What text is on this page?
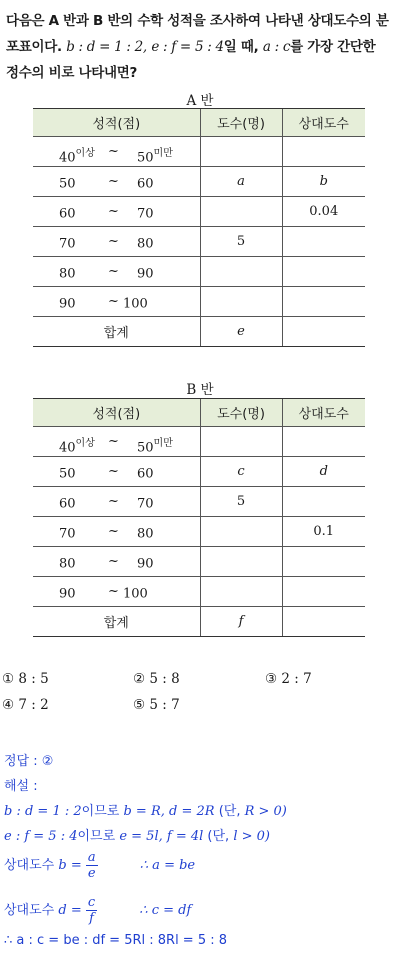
다음은 A 반과 B 반의 수학 성적을 조사하여 나타낸 상대도수의 분
포표이다. b : d = 1 : 2, e : f = 5 : 4일 때, a : c를 가장 간단한
정수의 비로 나타내면?
A 반
성적(점)	도수(명)	상대도수

$40^{이상}$ ~ $50^{미만}$

50 ~ 60	a	b

60 ~ 70		0.04

70 ~ 80	5	

80 ~ 90		

90 ~ 100		

합계	e	
B 반
성적(점)	도수(명)	상대도수

$40^{이상}$ ~ $50^{미만}$

50 ~ 60	c	d

60 ~ 70	5	

70 ~ 80		0.1

80 ~ 90		

90 ~ 100		

합계	f	
① 8 : 5	② 5 : 8	③ 2 : 7
④ 7 : 2	⑤ 5 : 7
정답 : ②
해설 :
b : d = 1 : 2이므로 b = R, d = 2R (단, R > 0)
e : f = 5 : 4이므로 e = 5l, f = 4l (단, l > 0)
상대도수 $b = \frac{a}{e}$	∴ a = be
상대도수 $d = \frac{c}{f}$	∴ c = df
∴ a : c = be : df = 5Rl : 8Rl = 5 : 8
